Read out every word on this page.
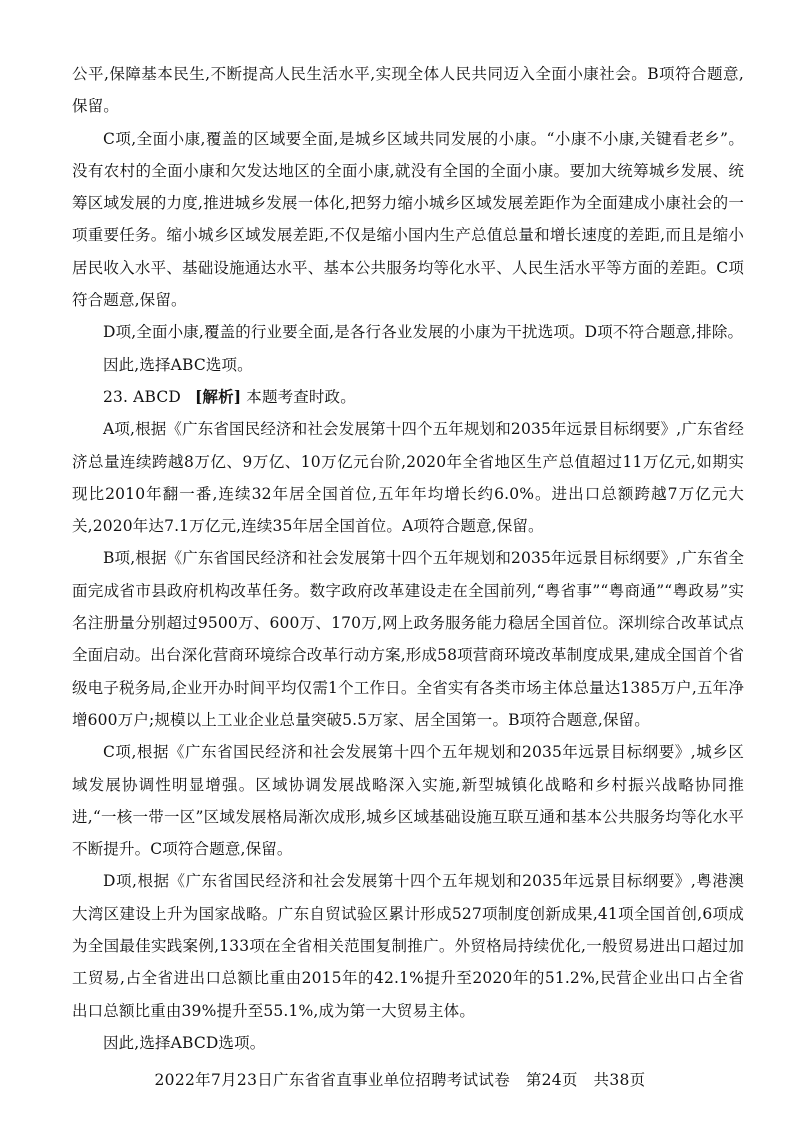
公平,保障基本民生,不断提高人民生活水平,实现全体人民共同迈入全面小康社会。B项符合题意,保留。

C项,全面小康,覆盖的区域要全面,是城乡区域共同发展的小康。“小康不小康,关键看老乡”。没有农村的全面小康和欠发达地区的全面小康,就没有全国的全面小康。要加大统筹城乡发展、统筹区域发展的力度,推进城乡发展一体化,把努力缩小城乡区域发展差距作为全面建成小康社会的一项重要任务。缩小城乡区域发展差距,不仅是缩小国内生产总值总量和增长速度的差距,而且是缩小居民收入水平、基础设施通达水平、基本公共服务均等化水平、人民生活水平等方面的差距。C项符合题意,保留。

D项,全面小康,覆盖的行业要全面,是各行各业发展的小康为干扰选项。D项不符合题意,排除。

因此,选择ABC选项。

23. ABCD [解析] 本题考查时政。

A项,根据《广东省国民经济和社会发展第十四个五年规划和2035年远景目标纲要》,广东省经济总量连续跨越8万亿、9万亿、10万亿元台阶,2020年全省地区生产总值超过11万亿元,如期实现比2010年翻一番,连续32年居全国首位,五年年均增长约6.0%。进出口总额跨越7万亿元大关,2020年达7.1万亿元,连续35年居全国首位。A项符合题意,保留。

B项,根据《广东省国民经济和社会发展第十四个五年规划和2035年远景目标纲要》,广东省全面完成省市县政府机构改革任务。数字政府改革建设走在全国前列,“粤省事”“粤商通”“粤政易”实名注册量分别超过9500万、600万、170万,网上政务服务能力稳居全国首位。深圳综合改革试点全面启动。出台深化营商环境综合改革行动方案,形成58项营商环境改革制度成果,建成全国首个省级电子税务局,企业开办时间平均仅需1个工作日。全省实有各类市场主体总量达1385万户,五年净增600万户;规模以上工业企业总量突破5.5万家、居全国第一。B项符合题意,保留。

C项,根据《广东省国民经济和社会发展第十四个五年规划和2035年远景目标纲要》,城乡区域发展协调性明显增强。区域协调发展战略深入实施,新型城镇化战略和乡村振兴战略协同推进,“一核一带一区”区域发展格局渐次成形,城乡区域基础设施互联互通和基本公共服务均等化水平不断提升。C项符合题意,保留。

D项,根据《广东省国民经济和社会发展第十四个五年规划和2035年远景目标纲要》,粤港澳大湾区建设上升为国家战略。广东自贸试验区累计形成527项制度创新成果,41项全国首创,6项成为全国最佳实践案例,133项在全省相关范围复制推广。外贸格局持续优化,一般贸易进出口超过加工贸易,占全省进出口总额比重由2015年的42.1%提升至2020年的51.2%,民营企业出口占全省出口总额比重由39%提升至55.1%,成为第一大贸易主体。

因此,选择ABCD选项。

2022年7月23日广东省省直事业单位招聘考试试卷　第24页　共38页
